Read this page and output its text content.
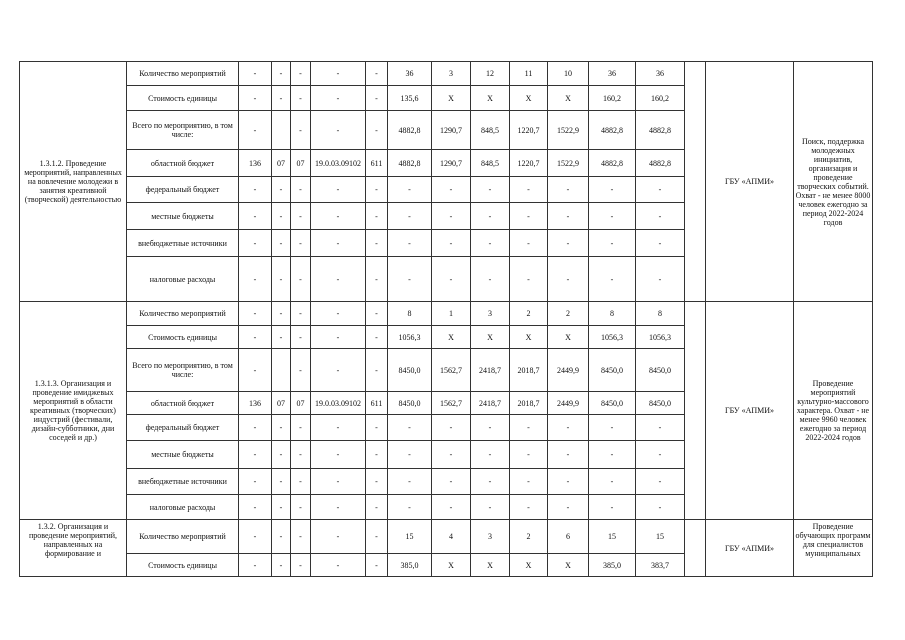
1.3.1.2. Проведение мероприятий, направленных на вовлечение молодежи в занятия креативной (творческой) деятельностью	Количество мероприятий	-	-	-	-	-	36	3	12	11	10	36	36		ГБУ «АПМИ»	Поиск, поддержка молодежных инициатив, организация и проведение творческих событий. Охват - не менее 8000 человек ежегодно за период 2022-2024 годов
	Стоимость единицы	-	-	-	-	-	135,6	Х	Х	Х	Х	160,2	160,2			
	Всего по мероприятию, в том числе:	-		-	-	-	4882,8	1290,7	848,5	1220,7	1522,9	4882,8	4882,8			
	областной бюджет	136	07	07	19.0.03.09102	611	4882,8	1290,7	848,5	1220,7	1522,9	4882,8	4882,8			
	федеральный бюджет	-	-	-	-	-	-	-	-	-	-	-	-			
	местные бюджеты	-	-	-	-	-	-	-	-	-	-	-	-			
	внебюджетные источники	-	-	-	-	-	-	-	-	-	-	-	-			
	налоговые расходы	-	-	-	-	-	-	-	-	-	-	-	-			
1.3.1.3. Организация и проведение имиджевых мероприятий в области креативных (творческих) индустрий (фестивали, дизайн-субботники, дни соседей и др.)	Количество мероприятий	-	-	-	-	-	8	1	3	2	2	8	8		ГБУ «АПМИ»	Проведение мероприятий культурно-массового характера. Охват - не менее 9960 человек ежегодно за период 2022-2024 годов
	Стоимость единицы	-	-	-	-	-	1056,3	Х	Х	Х	Х	1056,3	1056,3			
	Всего по мероприятию, в том числе:	-		-	-	-	8450,0	1562,7	2418,7	2018,7	2449,9	8450,0	8450,0			
	областной бюджет	136	07	07	19.0.03.09102	611	8450,0	1562,7	2418,7	2018,7	2449,9	8450,0	8450,0			
	федеральный бюджет	-	-	-	-	-	-	-	-	-	-	-	-			
	местные бюджеты	-	-	-	-	-	-	-	-	-	-	-	-			
	внебюджетные источники	-	-	-	-	-	-	-	-	-	-	-	-			
	налоговые расходы	-	-	-	-	-	-	-	-	-	-	-	-			
1.3.2. Организация и проведение мероприятий, направленных на формирование и	Количество мероприятий	-	-	-	-	-	15	4	3	2	6	15	15		ГБУ «АПМИ»	Проведение обучающих программ для специалистов муниципальных
	Стоимость единицы	-	-	-	-	-	385,0	Х	Х	Х	Х	385,0	383,7			
